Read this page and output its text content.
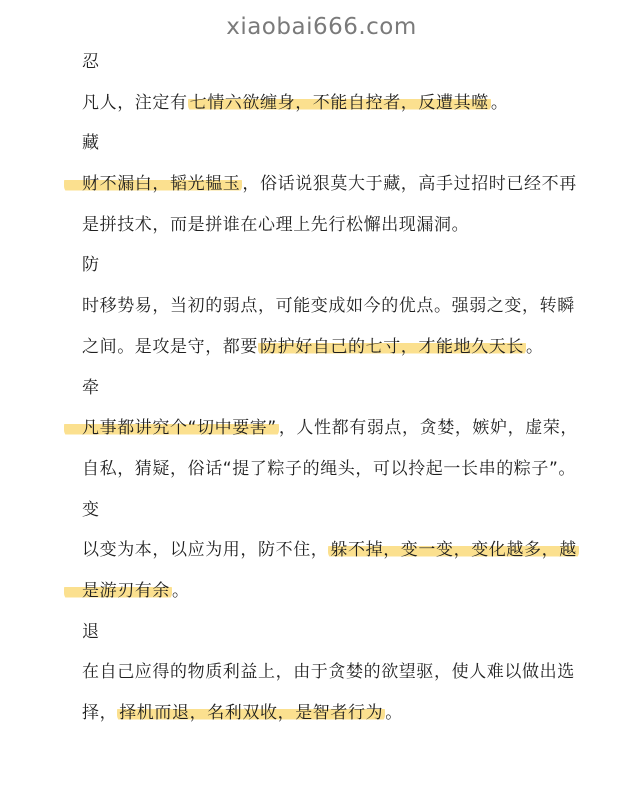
xiaobai666.com
忍
凡人，注定有 七情六欲缠身，不能自控者，反遭其噬 。
藏
财不漏白，韬光韫玉 ，俗话说狠莫大于藏，高手过招时已经不再
是拼技术，而是拼谁在心理上先行松懈出现漏洞。
防
时移势易，当初的弱点，可能变成如今的优点。强弱之变，转瞬
之间。是攻是守，都要 防护好自己的七寸，才能地久天长 。
牵
凡事都讲究个“切中要害” ，人性都有弱点，贪婪，嫉妒，虚荣，
自私，猜疑，俗话“提了粽子的绳头，可以拎起一长串的粽子”。
变
以变为本，以应为用，防不住， 躲不掉，变一变，变化越多，越
是游刃有余 。
退
在自己应得的物质利益上，由于贪婪的欲望驱，使人难以做出选
择， 择机而退，名利双收，是智者行为 。
